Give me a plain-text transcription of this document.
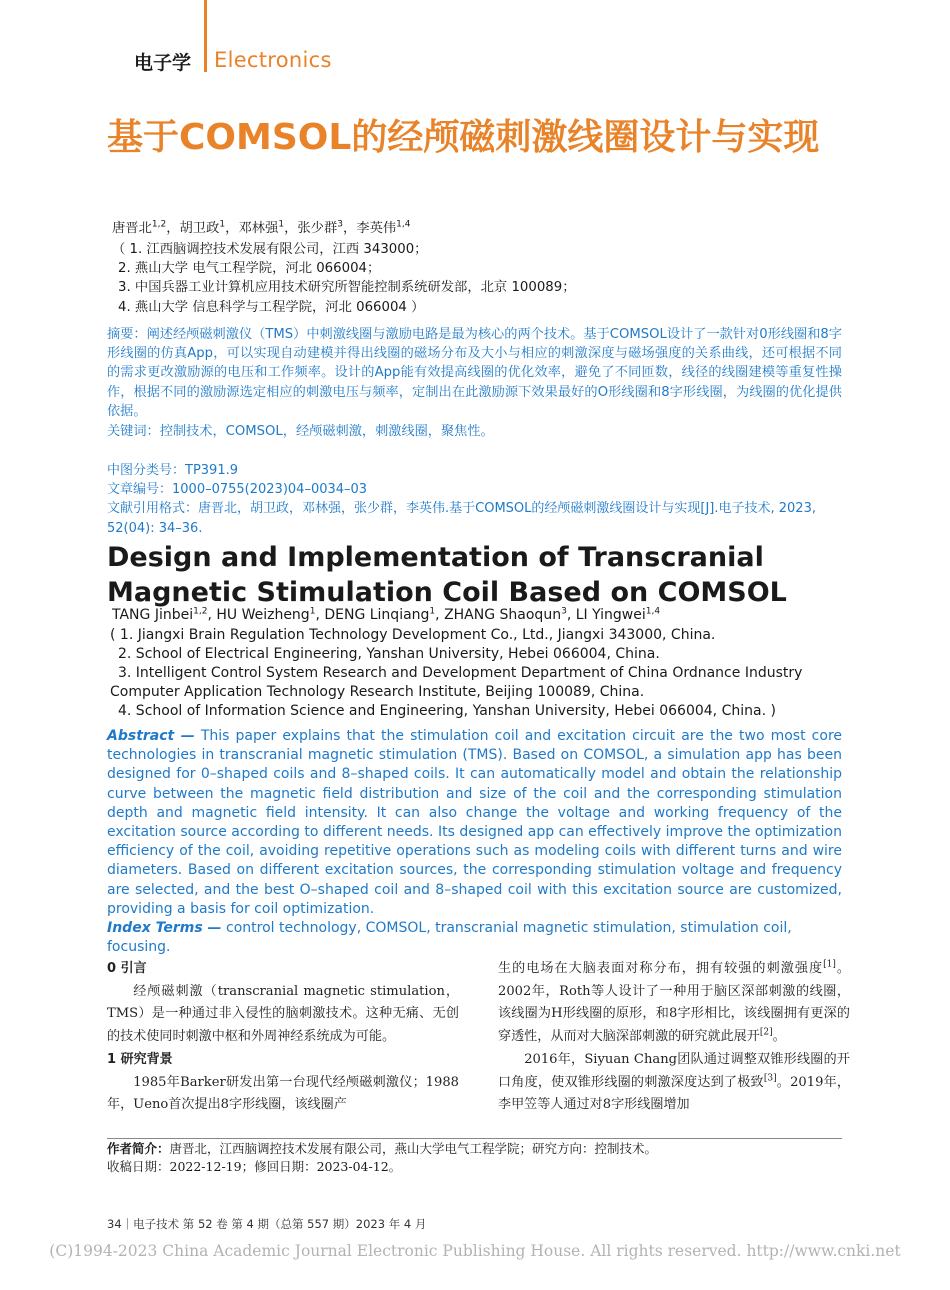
电子学 Electronics
基于COMSOL的经颅磁刺激线圈设计与实现
唐晋北$^{1,2}$，胡卫政$^1$，邓林强$^1$，张少群$^3$，李英伟$^{1,4}$
（ 1. 江西脑调控技术发展有限公司，江西 343000；
2. 燕山大学 电气工程学院，河北 066004；
3. 中国兵器工业计算机应用技术研究所智能控制系统研发部，北京 100089；
4. 燕山大学 信息科学与工程学院，河北 066004 ）
摘要：阐述经颅磁刺激仪（TMS）中刺激线圈与激励电路是最为核心的两个技术。基于COMSOL设计了一款针对0形线圈和8字形线圈的仿真App，可以实现自动建模并得出线圈的磁场分布及大小与相应的刺激深度与磁场强度的关系曲线，还可根据不同的需求更改激励源的电压和工作频率。设计的App能有效提高线圈的优化效率，避免了不同匝数，线径的线圈建模等重复性操作，根据不同的激励源选定相应的刺激电压与频率，定制出在此激励源下效果最好的O形线圈和8字形线圈，为线圈的优化提供依据。
关键词：控制技术，COMSOL，经颅磁刺激，刺激线圈，聚焦性。
中图分类号：TP391.9
文章编号：1000–0755(2023)04–0034–03
文献引用格式：唐晋北，胡卫政，邓林强，张少群，李英伟.基于COMSOL的经颅磁刺激线圈设计与实现[J].电子技术, 2023, 52(04): 34–36.
Design and Implementation of Transcranial Magnetic Stimulation Coil Based on COMSOL
TANG Jinbei$^{1,2}$, HU Weizheng$^1$, DENG Linqiang$^1$, ZHANG Shaoqun$^3$, LI Yingwei$^{1,4}$
( 1. Jiangxi Brain Regulation Technology Development Co., Ltd., Jiangxi 343000, China.
2. School of Electrical Engineering, Yanshan University, Hebei 066004, China.
3. Intelligent Control System Research and Development Department of China Ordnance Industry
Computer Application Technology Research Institute, Beijing 100089, China.
4. School of Information Science and Engineering, Yanshan University, Hebei 066004, China. )
Abstract — This paper explains that the stimulation coil and excitation circuit are the two most core technologies in transcranial magnetic stimulation (TMS). Based on COMSOL, a simulation app has been designed for 0–shaped coils and 8–shaped coils. It can automatically model and obtain the relationship curve between the magnetic field distribution and size of the coil and the corresponding stimulation depth and magnetic field intensity. It can also change the voltage and working frequency of the excitation source according to different needs. Its designed app can effectively improve the optimization efficiency of the coil, avoiding repetitive operations such as modeling coils with different turns and wire diameters. Based on different excitation sources, the corresponding stimulation voltage and frequency are selected, and the best O–shaped coil and 8–shaped coil with this excitation source are customized, providing a basis for coil optimization.
Index Terms — control technology, COMSOL, transcranial magnetic stimulation, stimulation coil, focusing.
0 引言
经颅磁刺激（transcranial magnetic stimulation，TMS）是一种通过非入侵性的脑刺激技术。这种无痛、无创的技术使同时刺激中枢和外周神经系统成为可能。
1 研究背景
1985年Barker研发出第一台现代经颅磁刺激仪；1988年，Ueno首次提出8字形线圈，该线圈产
生的电场在大脑表面对称分布，拥有较强的刺激强度[1]。2002年，Roth等人设计了一种用于脑区深部刺激的线圈，该线圈为H形线圈的原形，和8字形相比，该线圈拥有更深的穿透性，从而对大脑深部刺激的研究就此展开[2]。
2016年，Siyuan Chang团队通过调整双锥形线圈的开口角度，使双锥形线圈的刺激深度达到了极致[3]。2019年，李甲笠等人通过对8字形线圈增加
作者简介：唐晋北，江西脑调控技术发展有限公司，燕山大学电气工程学院；研究方向：控制技术。
收稿日期：2022-12-19；修回日期：2023-04-12。
34｜电子技术 第 52 卷 第 4 期（总第 557 期）2023 年 4 月
(C)1994-2023 China Academic Journal Electronic Publishing House. All rights reserved. http://www.cnki.net
